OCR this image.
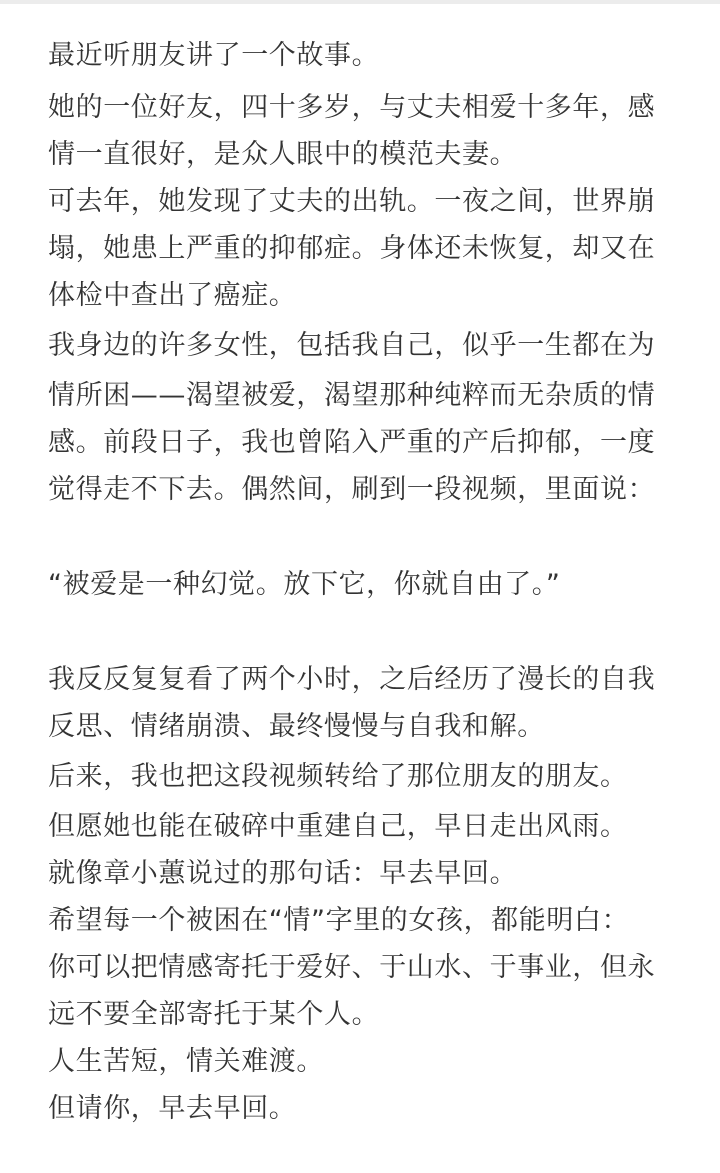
最近听朋友讲了一个故事。
她的一位好友，四十多岁，与丈夫相爱十多年，感
情一直很好，是众人眼中的模范夫妻。
可去年，她发现了丈夫的出轨。一夜之间，世界崩
塌，她患上严重的抑郁症。身体还未恢复，却又在
体检中查出了癌症。
我身边的许多女性，包括我自己，似乎一生都在为
情所困——渴望被爱，渴望那种纯粹而无杂质的情
感。前段日子，我也曾陷入严重的产后抑郁，一度
觉得走不下去。偶然间，刷到一段视频，里面说：
“被爱是一种幻觉。放下它，你就自由了。”
我反反复复看了两个小时，之后经历了漫长的自我
反思、情绪崩溃、最终慢慢与自我和解。
后来，我也把这段视频转给了那位朋友的朋友。
但愿她也能在破碎中重建自己，早日走出风雨。
就像章小蕙说过的那句话：早去早回。
希望每一个被困在“情”字里的女孩，都能明白：
你可以把情感寄托于爱好、于山水、于事业，但永
远不要全部寄托于某个人。
人生苦短，情关难渡。
但请你，早去早回。
